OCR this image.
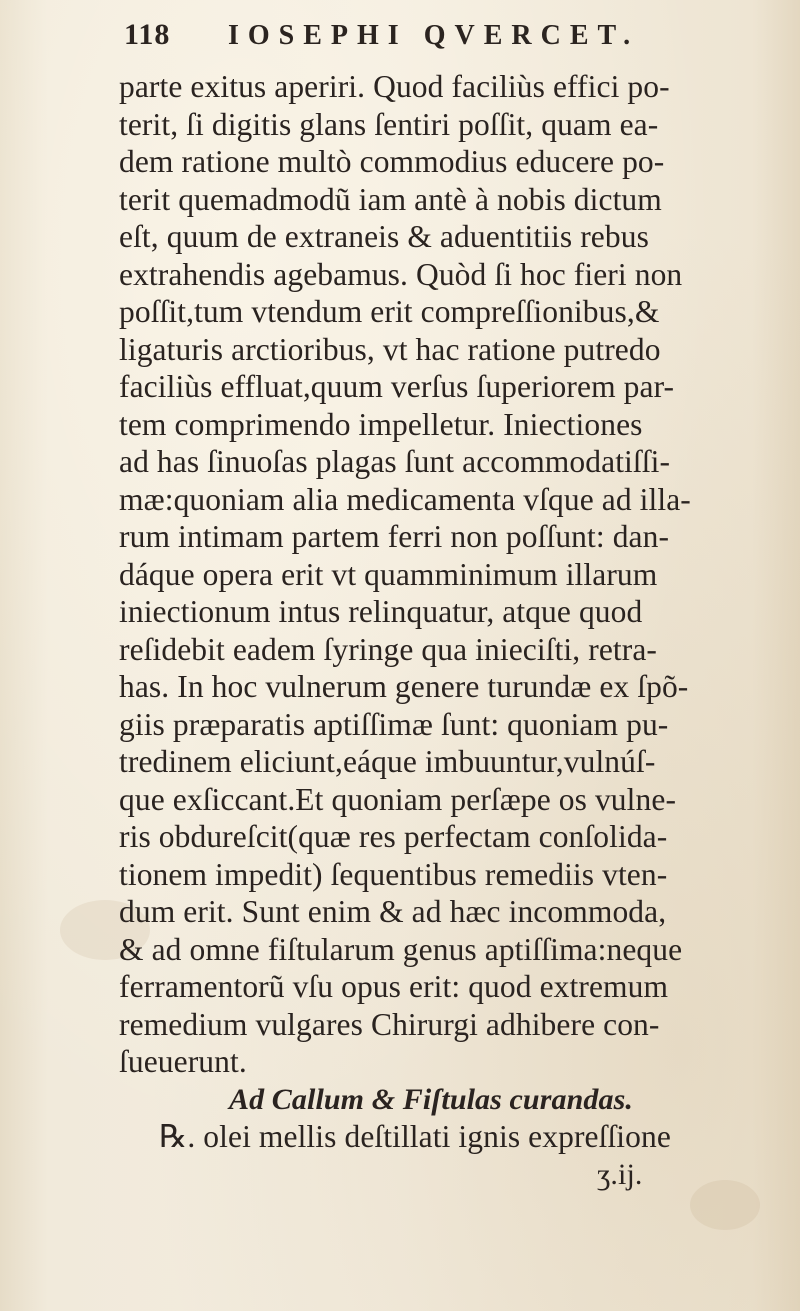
118 IOSEPHI QVERCET.
parte exitus aperiri. Quod faciliùs effici po-
terit, ſi digitis glans ſentiri poſſit, quam ea-
dem ratione multò commodius educere po-
terit quemadmodũ iam antè à nobis dictum
eſt, quum de extraneis & aduentitiis rebus
extrahendis agebamus. Quòd ſi hoc fieri non
poſſit,tum vtendum erit compreſſionibus,&
ligaturis arctioribus, vt hac ratione putredo
faciliùs effluat,quum verſus ſuperiorem par-
tem comprimendo impelletur. Iniectiones
ad has ſinuoſas plagas ſunt accommodatiſſi-
mæ:quoniam alia medicamenta vſque ad illa-
rum intimam partem ferri non poſſunt: dan-
dáque opera erit vt quamminimum illarum
iniectionum intus relinquatur, atque quod
reſidebit eadem ſyringe qua inieciſti, retra-
has. In hoc vulnerum genere turundæ ex ſpõ-
giis præparatis aptiſſimæ ſunt: quoniam pu-
tredinem eliciunt,eáque imbuuntur,vulnúſ-
que exſiccant.Et quoniam perſæpe os vulne-
ris obdureſcit(quæ res perfectam conſolida-
tionem impedit) ſequentibus remediis vten-
dum erit. Sunt enim & ad hæc incommoda,
& ad omne fiſtularum genus aptiſſima:neque
ferramentorũ vſu opus erit: quod extremum
remedium vulgares Chirurgi adhibere con-
ſueuerunt.
Ad Callum & Fiſtulas curandas.
℞. olei mellis deſtillati ignis expreſſione
ʒ.ij.
